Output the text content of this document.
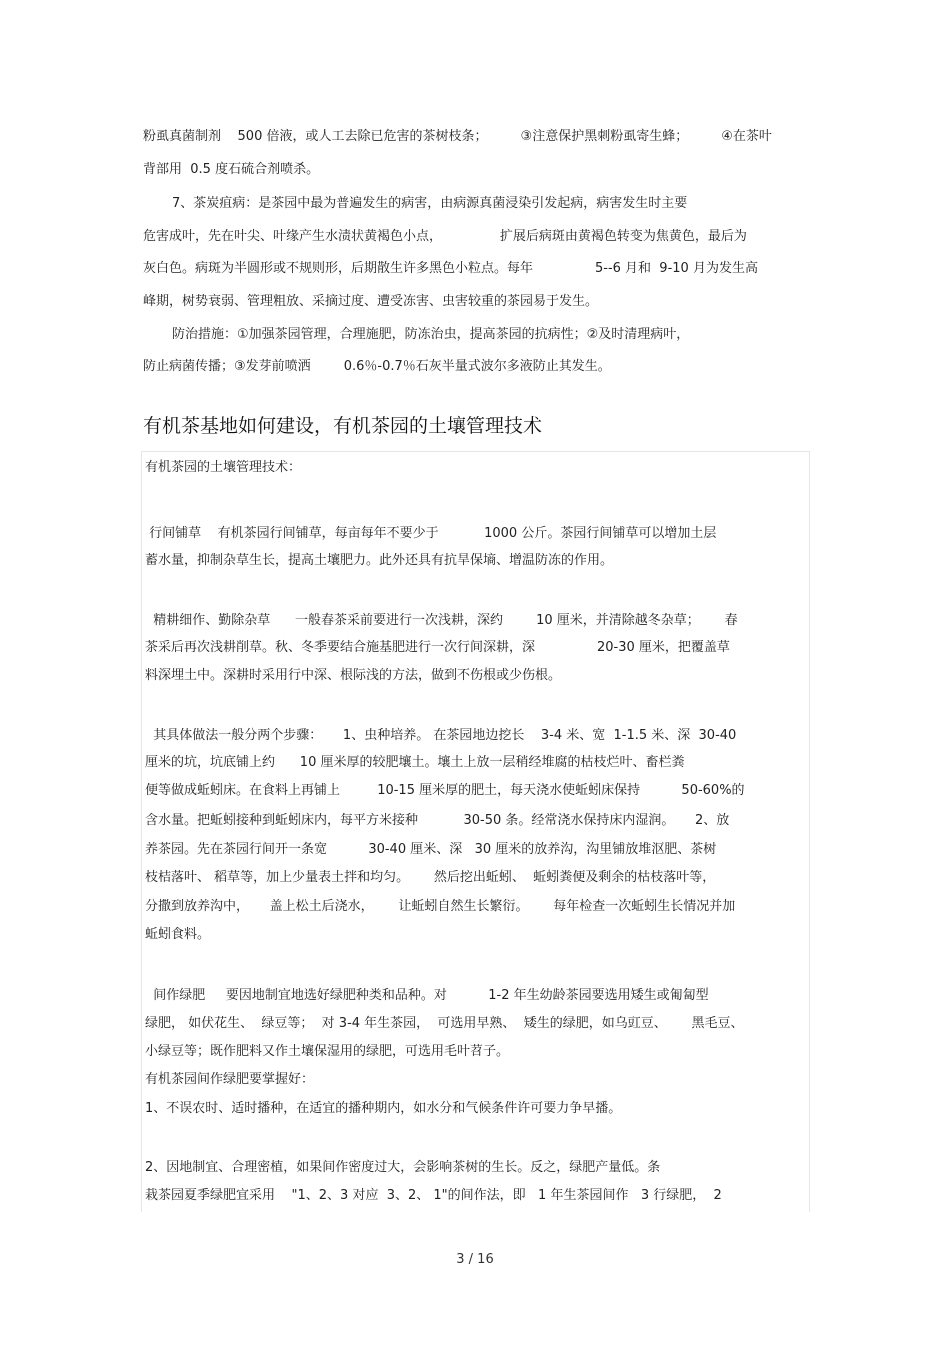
粉虱真菌制剂    500 倍液，或人工去除已危害的茶树枝条；        ③注意保护黑刺粉虱寄生蜂；        ④在茶叶
背部用  0.5 度石硫合剂喷杀。
7、茶炭疽病：是茶园中最为普遍发生的病害，由病源真菌浸染引发起病，病害发生时主要
危害成叶，先在叶尖、叶缘产生水渍状黄褐色小点，              扩展后病斑由黄褐色转变为焦黄色，最后为
灰白色。病斑为半圆形或不规则形，后期散生许多黑色小粒点。每年               5--6 月和  9-10 月为发生高
峰期，树势衰弱、管理粗放、采摘过度、遭受冻害、虫害较重的茶园易于发生。
防治措施：①加强茶园管理，合理施肥，防冻治虫，提高茶园的抗病性；②及时清理病叶，
防止病菌传播；③发芽前喷洒        0.6％-0.7％石灰半量式波尔多液防止其发生。
有机茶基地如何建设，有机茶园的土壤管理技术
有机茶园的土壤管理技术：
行间铺草    有机茶园行间铺草，每亩每年不要少于           1000 公斤。茶园行间铺草可以增加土层
蓄水量，抑制杂草生长，提高土壤肥力。此外还具有抗旱保墒、增温防冻的作用。
精耕细作、勤除杂草      一般春茶采前要进行一次浅耕，深约        10 厘米，并清除越冬杂草；      春
茶采后再次浅耕削草。秋、冬季要结合施基肥进行一次行间深耕，深               20-30 厘米，把覆盖草
料深埋土中。深耕时采用行中深、根际浅的方法，做到不伤根或少伤根。
其具体做法一般分两个步骤：     1、虫种培养。 在茶园地边挖长    3-4 米、宽  1-1.5 米、深  30-40
厘米的坑，坑底铺上约      10 厘米厚的较肥壤土。壤土上放一层稍经堆腐的枯枝烂叶、畜栏粪
便等做成蚯蚓床。在食料上再铺上         10-15 厘米厚的肥土，每天浇水使蚯蚓床保持          50-60%的
含水量。把蚯蚓接种到蚯蚓床内，每平方米接种           30-50 条。经常浇水保持床内湿润。     2、放
养茶园。先在茶园行间开一条宽          30-40 厘米、深   30 厘米的放养沟，沟里铺放堆沤肥、茶树
枝桔落叶、 稻草等，加上少量表土拌和均匀。      然后挖出蚯蚓、  蚯蚓粪便及剩余的枯枝落叶等，
分撒到放养沟中，     盖上松土后浇水，      让蚯蚓自然生长繁衍。      每年检查一次蚯蚓生长情况并加
蚯蚓食料。
间作绿肥     要因地制宜地选好绿肥种类和品种。对          1-2 年生幼龄茶园要选用矮生或匍匐型
绿肥， 如伏花生、  绿豆等；  对 3-4 年生茶园，  可选用早熟、  矮生的绿肥，如乌豇豆、      黑毛豆、
小绿豆等；既作肥料又作土壤保湿用的绿肥，可选用毛叶苕子。
有机茶园间作绿肥要掌握好：
1、不误农时、适时播种，在适宜的播种期内，如水分和气候条件许可要力争早播。
2、因地制宜、合理密植，如果间作密度过大，会影响茶树的生长。反之，绿肥产量低。条
栽茶园夏季绿肥宜采用    "1、2、3 对应  3、2、 1"的间作法，即   1 年生茶园间作   3 行绿肥，  2
3 / 16
